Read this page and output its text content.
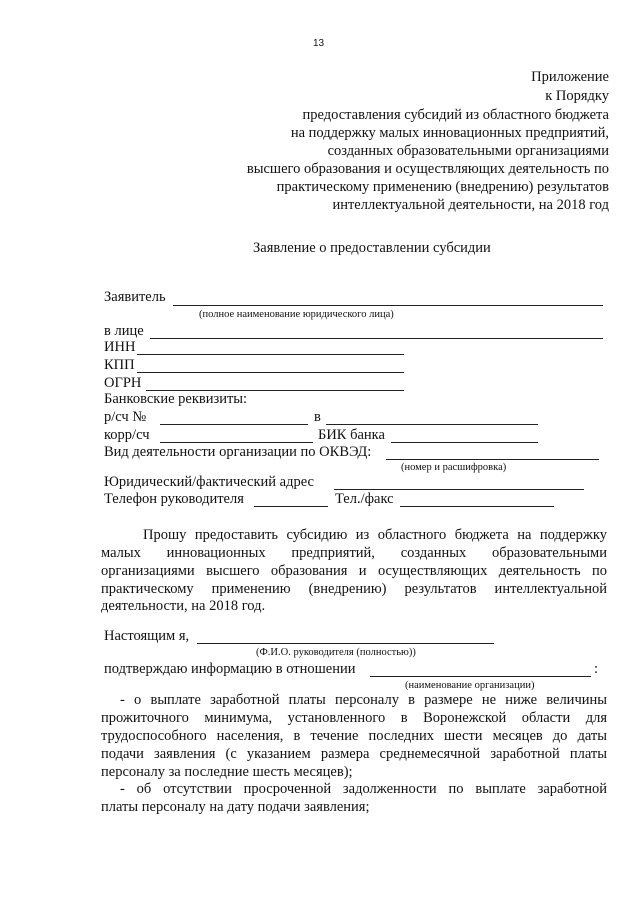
13
Приложение
к Порядку
предоставления субсидий из областного бюджета
на поддержку малых инновационных предприятий,
созданных образовательными организациями
высшего образования и осуществляющих деятельность по
практическому применению (внедрению) результатов
интеллектуальной деятельности, на 2018 год
Заявление о предоставлении субсидии
Заявитель
(полное наименование юридического лица)
в лице
ИНН
КПП
ОГРН
Банковские реквизиты:
р/сч №	в
корр/сч	БИК банка
Вид деятельности организации по ОКВЭД:
(номер и расшифровка)
Юридический/фактический адрес
Телефон руководителя	Тел./факс
Прошу предоставить субсидию из областного бюджета на поддержку
малых инновационных предприятий, созданных образовательными
организациями высшего образования и осуществляющих деятельность по
практическому применению (внедрению) результатов интеллектуальной
деятельности, на 2018 год.
Настоящим я,
(Ф.И.О. руководителя (полностью))
подтверждаю информацию в отношении	:
(наименование организации)
- о выплате заработной платы персоналу в размере не ниже величины
прожиточного минимума, установленного в Воронежской области для
трудоспособного населения, в течение последних шести месяцев до даты
подачи заявления (с указанием размера среднемесячной заработной платы
персоналу за последние шесть месяцев);
- об отсутствии просроченной задолженности по выплате заработной
платы персоналу на дату подачи заявления;
